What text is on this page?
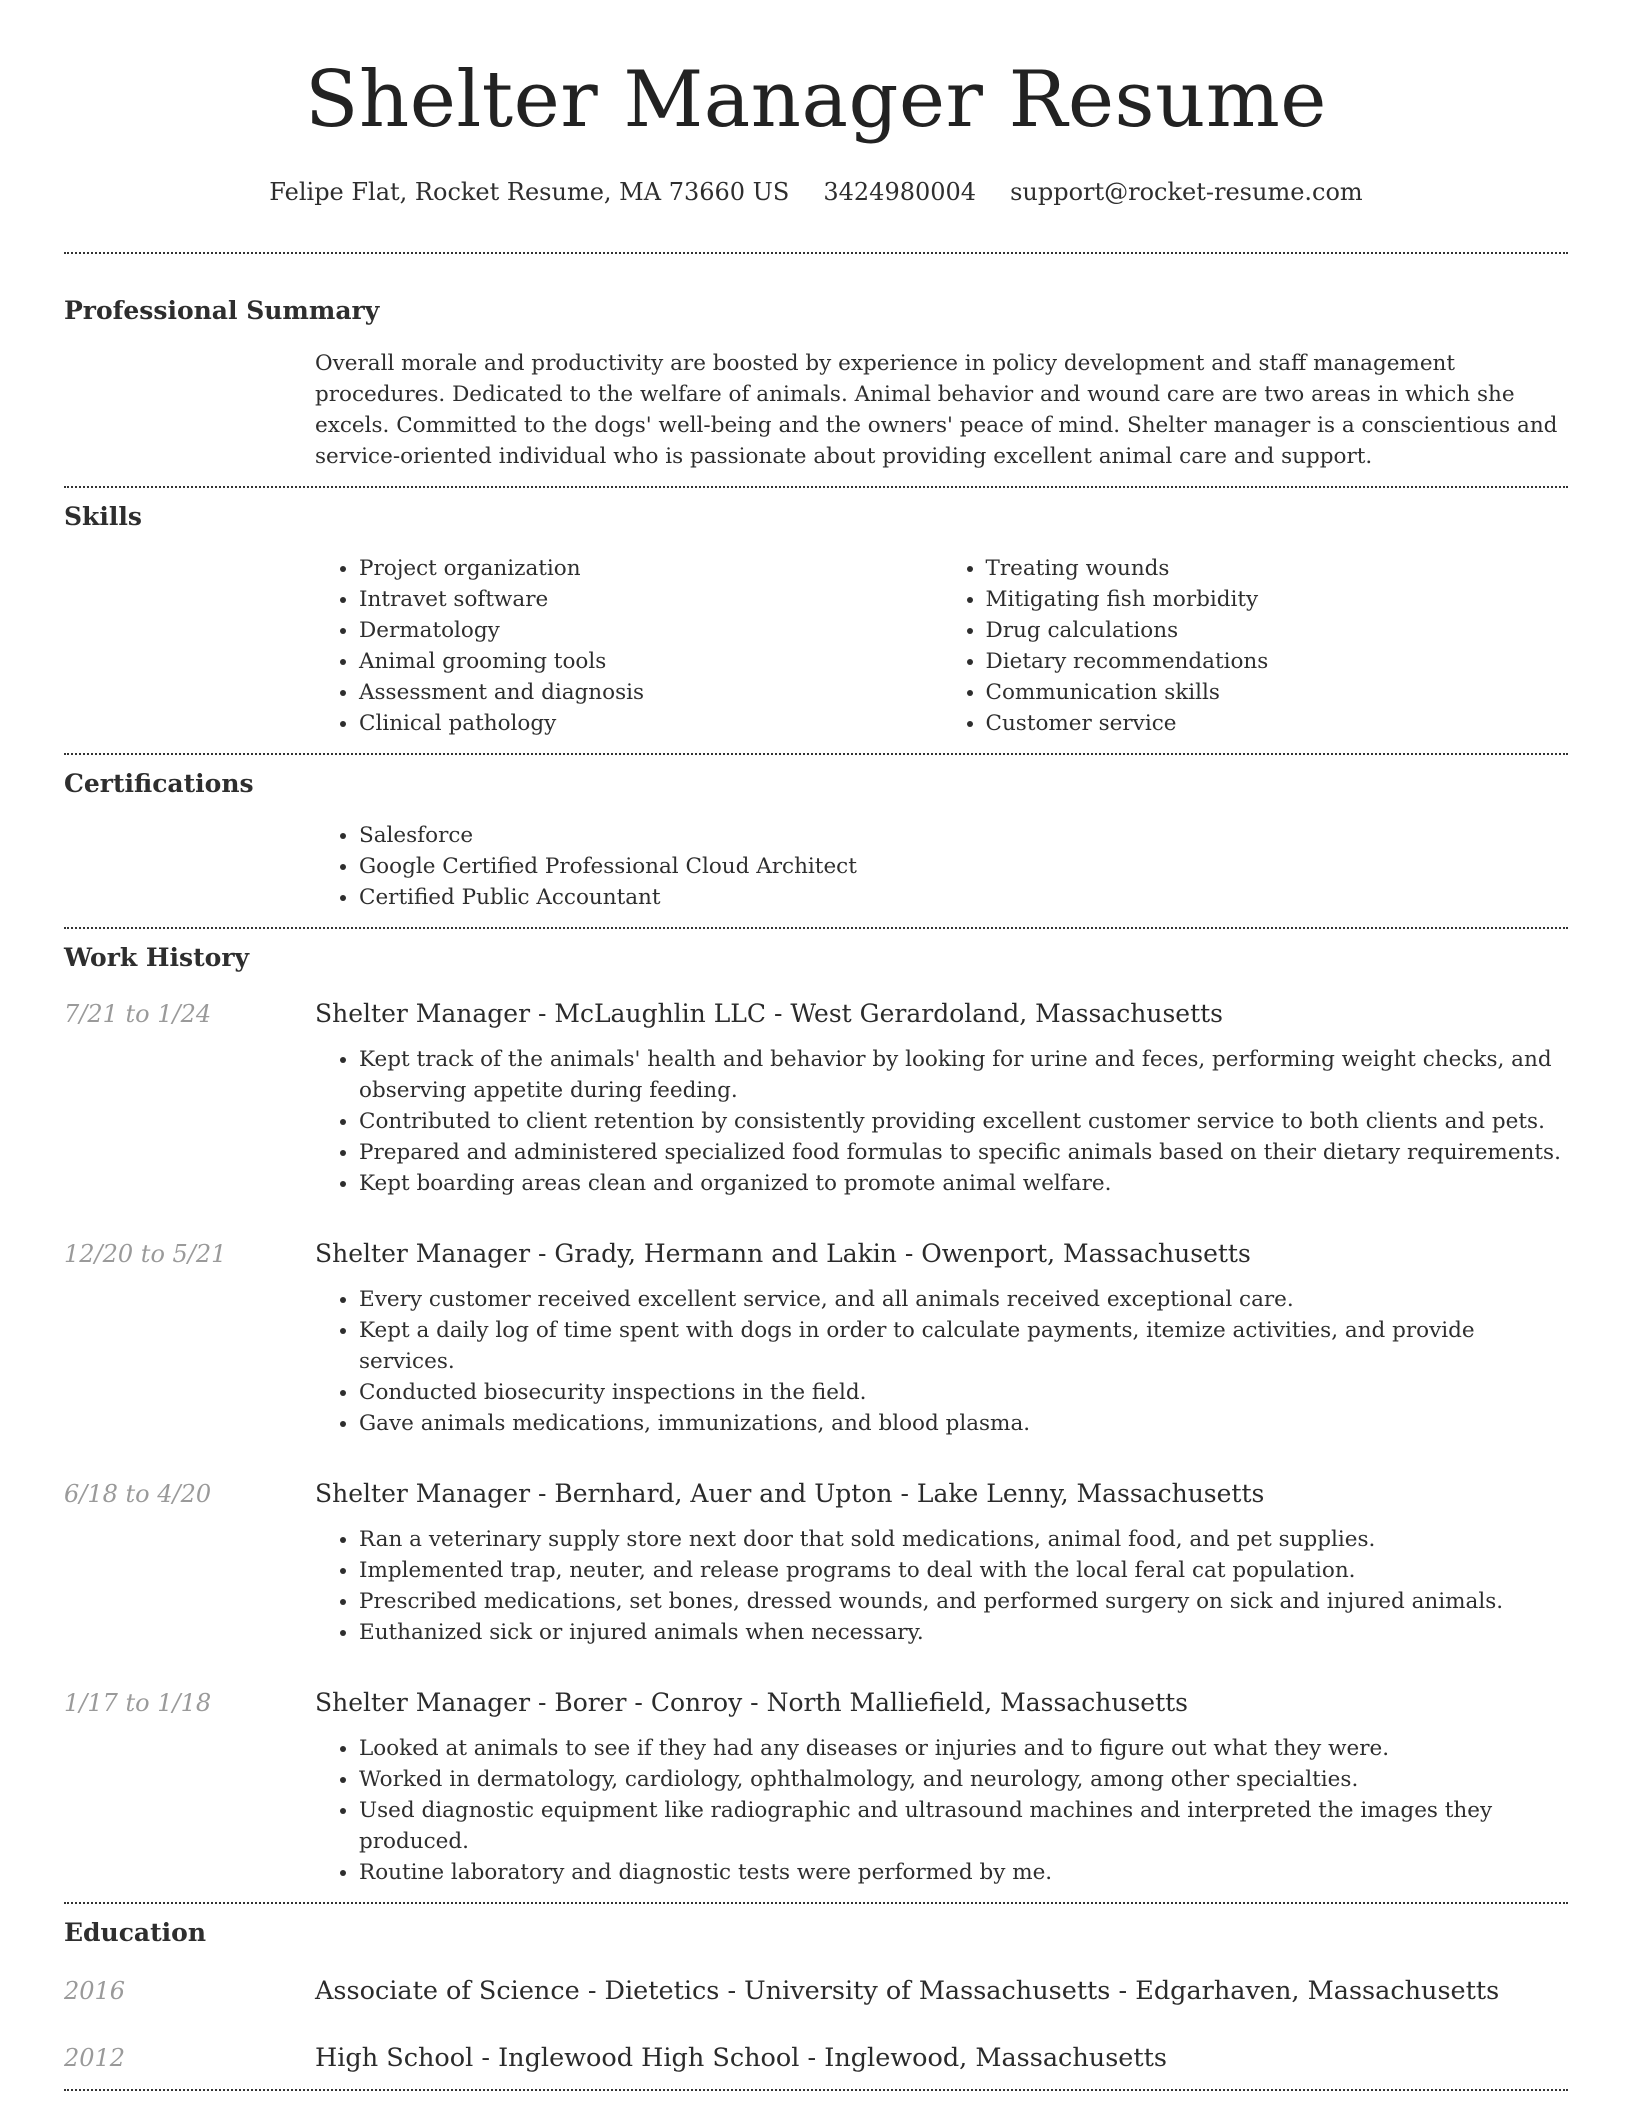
Shelter Manager Resume
Felipe Flat, Rocket Resume, MA 73660 US 3424980004 support@rocket-resume.com
Professional Summary

Overall morale and productivity are boosted by experience in policy development and staff management procedures. Dedicated to the welfare of animals. Animal behavior and wound care are two areas in which she excels. Committed to the dogs' well-being and the owners' peace of mind. Shelter manager is a conscientious and service-oriented individual who is passionate about providing excellent animal care and support.

Skills
• Project organization
• Intravet software
• Dermatology
• Animal grooming tools
• Assessment and diagnosis
• Clinical pathology
• Treating wounds
• Mitigating fish morbidity
• Drug calculations
• Dietary recommendations
• Communication skills
• Customer service
Certifications
• Salesforce
• Google Certified Professional Cloud Architect
• Certified Public Accountant
Work History
7/21 to 1/24	Shelter Manager - McLaughlin LLC - West Gerardoland, Massachusetts
• Kept track of the animals' health and behavior by looking for urine and feces, performing weight checks, and observing appetite during feeding.
• Contributed to client retention by consistently providing excellent customer service to both clients and pets.
• Prepared and administered specialized food formulas to specific animals based on their dietary requirements.
• Kept boarding areas clean and organized to promote animal welfare.
12/20 to 5/21	Shelter Manager - Grady, Hermann and Lakin - Owenport, Massachusetts
• Every customer received excellent service, and all animals received exceptional care.
• Kept a daily log of time spent with dogs in order to calculate payments, itemize activities, and provide services.
• Conducted biosecurity inspections in the field.
• Gave animals medications, immunizations, and blood plasma.
6/18 to 4/20	Shelter Manager - Bernhard, Auer and Upton - Lake Lenny, Massachusetts
• Ran a veterinary supply store next door that sold medications, animal food, and pet supplies.
• Implemented trap, neuter, and release programs to deal with the local feral cat population.
• Prescribed medications, set bones, dressed wounds, and performed surgery on sick and injured animals.
• Euthanized sick or injured animals when necessary.
1/17 to 1/18	Shelter Manager - Borer - Conroy - North Malliefield, Massachusetts
• Looked at animals to see if they had any diseases or injuries and to figure out what they were.
• Worked in dermatology, cardiology, ophthalmology, and neurology, among other specialties.
• Used diagnostic equipment like radiographic and ultrasound machines and interpreted the images they produced.
• Routine laboratory and diagnostic tests were performed by me.
Education
2016	Associate of Science - Dietetics - University of Massachusetts - Edgarhaven, Massachusetts
2012	High School - Inglewood High School - Inglewood, Massachusetts
